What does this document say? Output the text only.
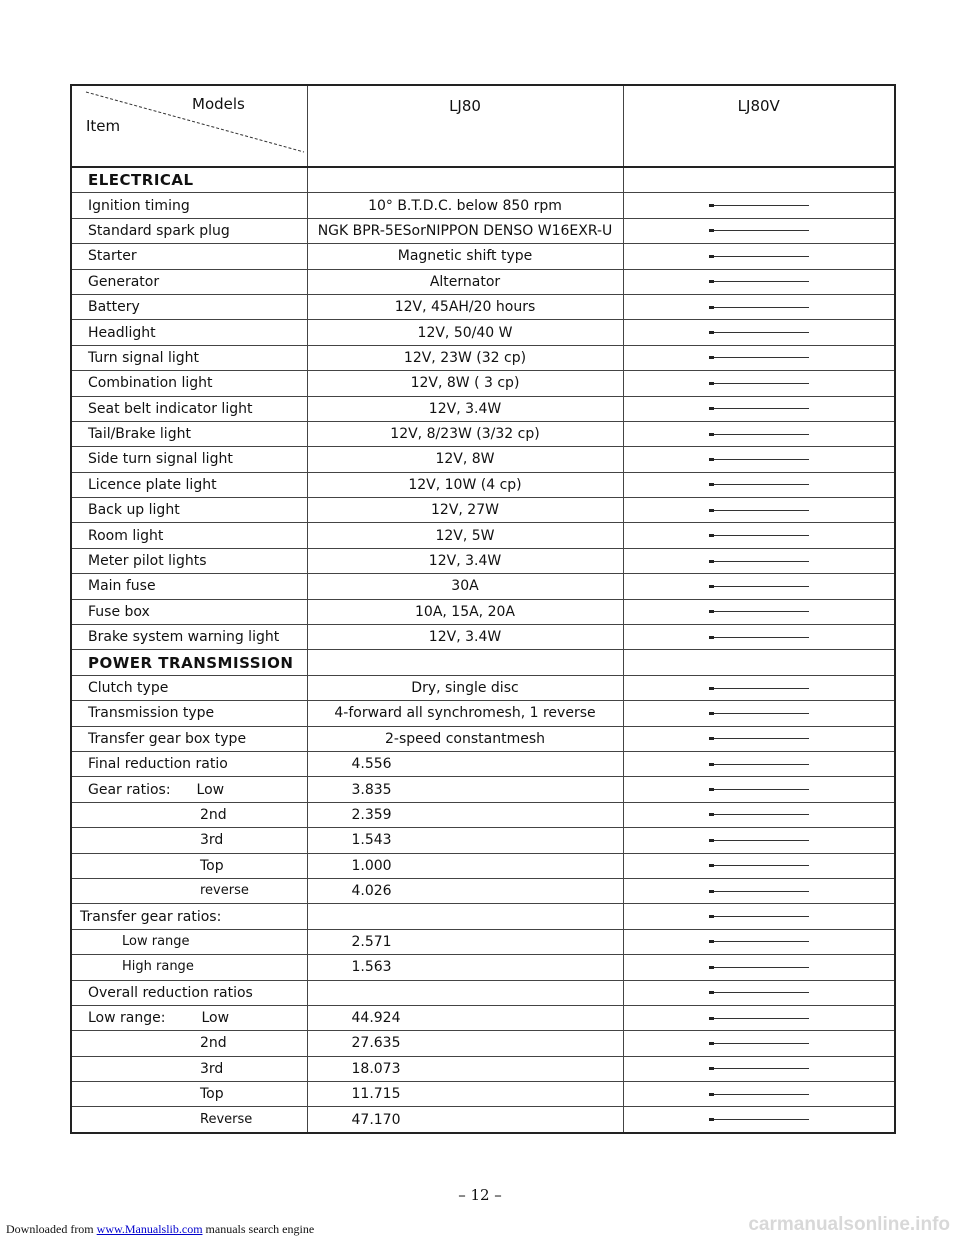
Models
Item	LJ80	LJ80V
ELECTRICAL		
Ignition timing	10° B.T.D.C. below 850 rpm	
Standard spark plug	NGK BPR-5ESorNIPPON DENSO W16EXR-U	
Starter	Magnetic shift type	
Generator	Alternator	
Battery	12V, 45AH/20 hours	
Headlight	12V, 50/40 W	
Turn signal light	12V, 23W (32 cp)	
Combination light	12V, 8W ( 3 cp)	
Seat belt indicator light	12V, 3.4W	
Tail/Brake light	12V, 8/23W (3/32 cp)	
Side turn signal light	12V, 8W	
Licence plate light	12V, 10W (4 cp)	
Back up light	12V, 27W	
Room light	12V, 5W	
Meter pilot lights	12V, 3.4W	
Main fuse	30A	
Fuse box	10A, 15A, 20A	
Brake system warning light	12V, 3.4W	
POWER TRANSMISSION		
Clutch type	Dry, single disc	
Transmission type	4-forward all synchromesh, 1 reverse	
Transfer gear box type	2-speed constantmesh	
Final reduction ratio	4.556	
Gear ratios: Low	3.835	
2nd	2.359	
3rd	1.543	
Top	1.000	
reverse	4.026	
Transfer gear ratios:		
Low range	2.571	
High range	1.563	
Overall reduction ratios		
Low range: Low	44.924	
2nd	27.635	
3rd	18.073	
Top	11.715	
Reverse	47.170	
– 12 –
Downloaded from www.Manualslib.com manuals search engine	carmanualsonline.info
